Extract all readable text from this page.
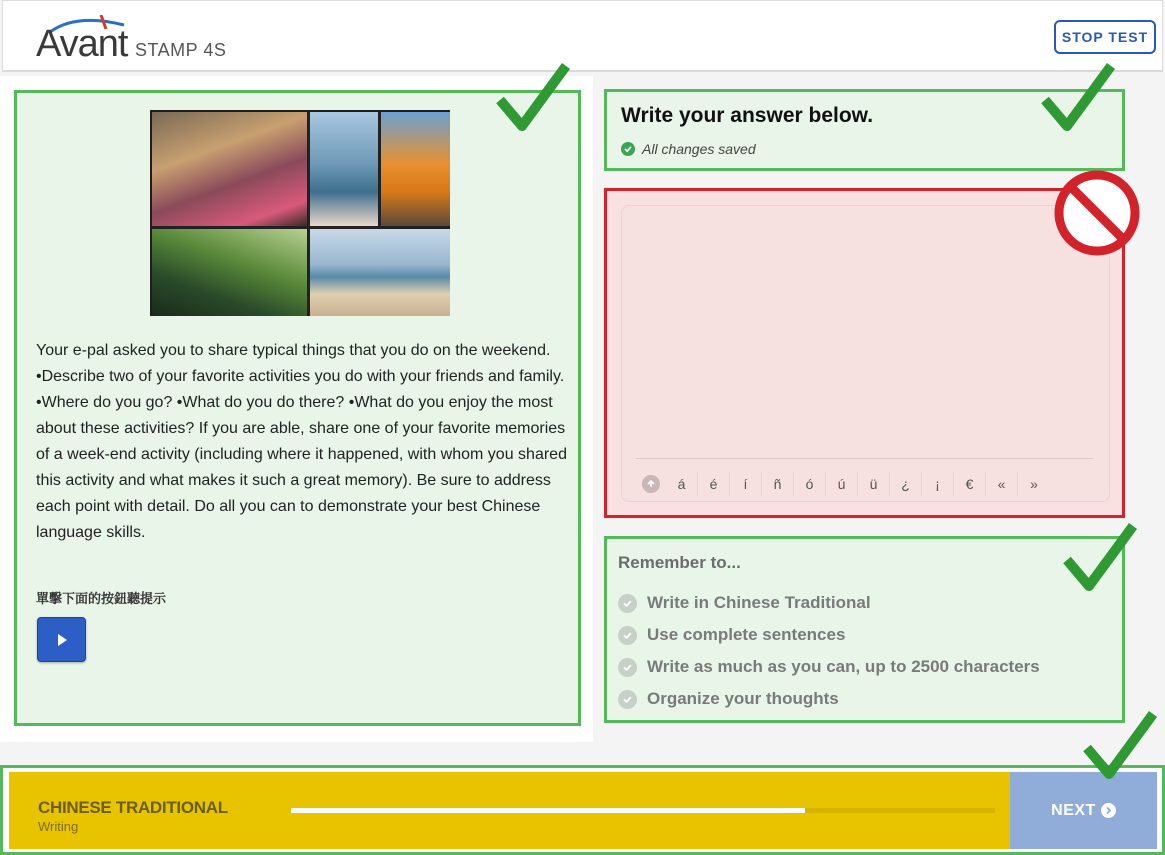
Avant STAMP 4S
STOP TEST

Your e-pal asked you to share typical things that you do on the weekend. •Describe two of your favorite activities you do with your friends and family. •Where do you go? •What do you do there? •What do you enjoy the most about these activities? If you are able, share one of your favorite memories of a week-end activity (including where it happened, with whom you shared this activity and what makes it such a great memory). Be sure to address each point with detail. Do all you can to demonstrate your best Chinese language skills.

單擊下面的按鈕聽提示
Write your answer below.
All changes saved
á	é	í	ñ	ó	ú	ü	¿	¡	€	«	»
Remember to...
Write in Chinese Traditional
Use complete sentences
Write as much as you can, up to 2500 characters
Organize your thoughts
CHINESE TRADITIONAL
Writing
NEXT
